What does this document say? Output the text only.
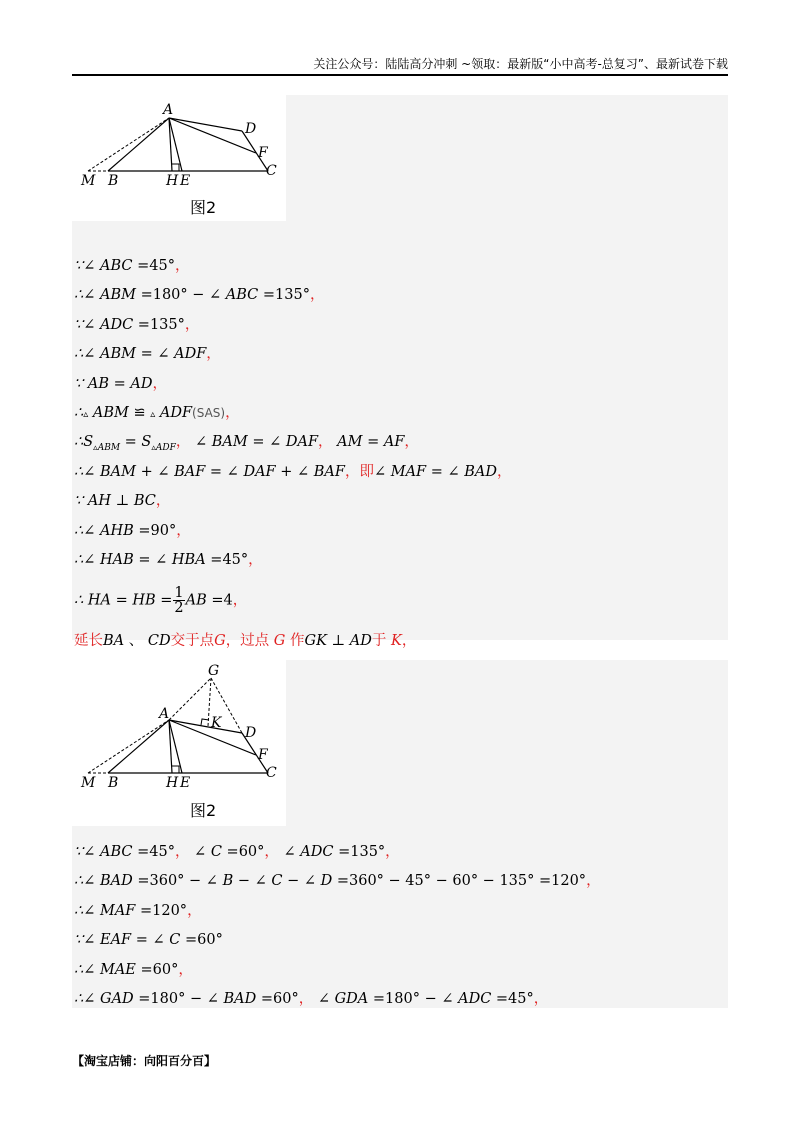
关注公众号：陆陆高分冲刺 ~领取：最新版“小中高考-总复习”、最新试卷下载
A
D
F
C
M B	H E
图2
∵∠ ABC =45°，
∴∠ ABM =180° − ∠ ABC =135°，
∵∠ ADC =135°，
∴∠ ABM = ∠ ADF，
∵ AB = AD，
∴▵ ABM ≌ ▵ ADF(SAS)，
$\therefore S_{▵ABM} = S_{▵ADF}$， ∠ BAM = ∠ DAF， AM = AF，
∴∠ BAM + ∠ BAF = ∠ DAF + ∠ BAF，即∠ MAF = ∠ BAD，
∵ AH ⊥ BC，
∴∠ AHB =90°，
∴∠ HAB = ∠ HBA =45°，
∴ HA = HB = $\frac{1}{2}$ AB =4，
延长BA 、 CD交于点G，过点 G 作GK ⊥ AD于 K，
G
A
K
D
F
C
M B	H E
图2
∵∠ ABC =45°， ∠ C =60°， ∠ ADC =135°，
∴∠ BAD =360° − ∠ B − ∠ C − ∠ D =360° − 45° − 60° − 135° =120°，
∴∠ MAF =120°，
∵∠ EAF = ∠ C =60°
∴∠ MAE =60°，
∴∠ GAD =180° − ∠ BAD =60°， ∠ GDA =180° − ∠ ADC =45°，
【淘宝店铺：向阳百分百】
